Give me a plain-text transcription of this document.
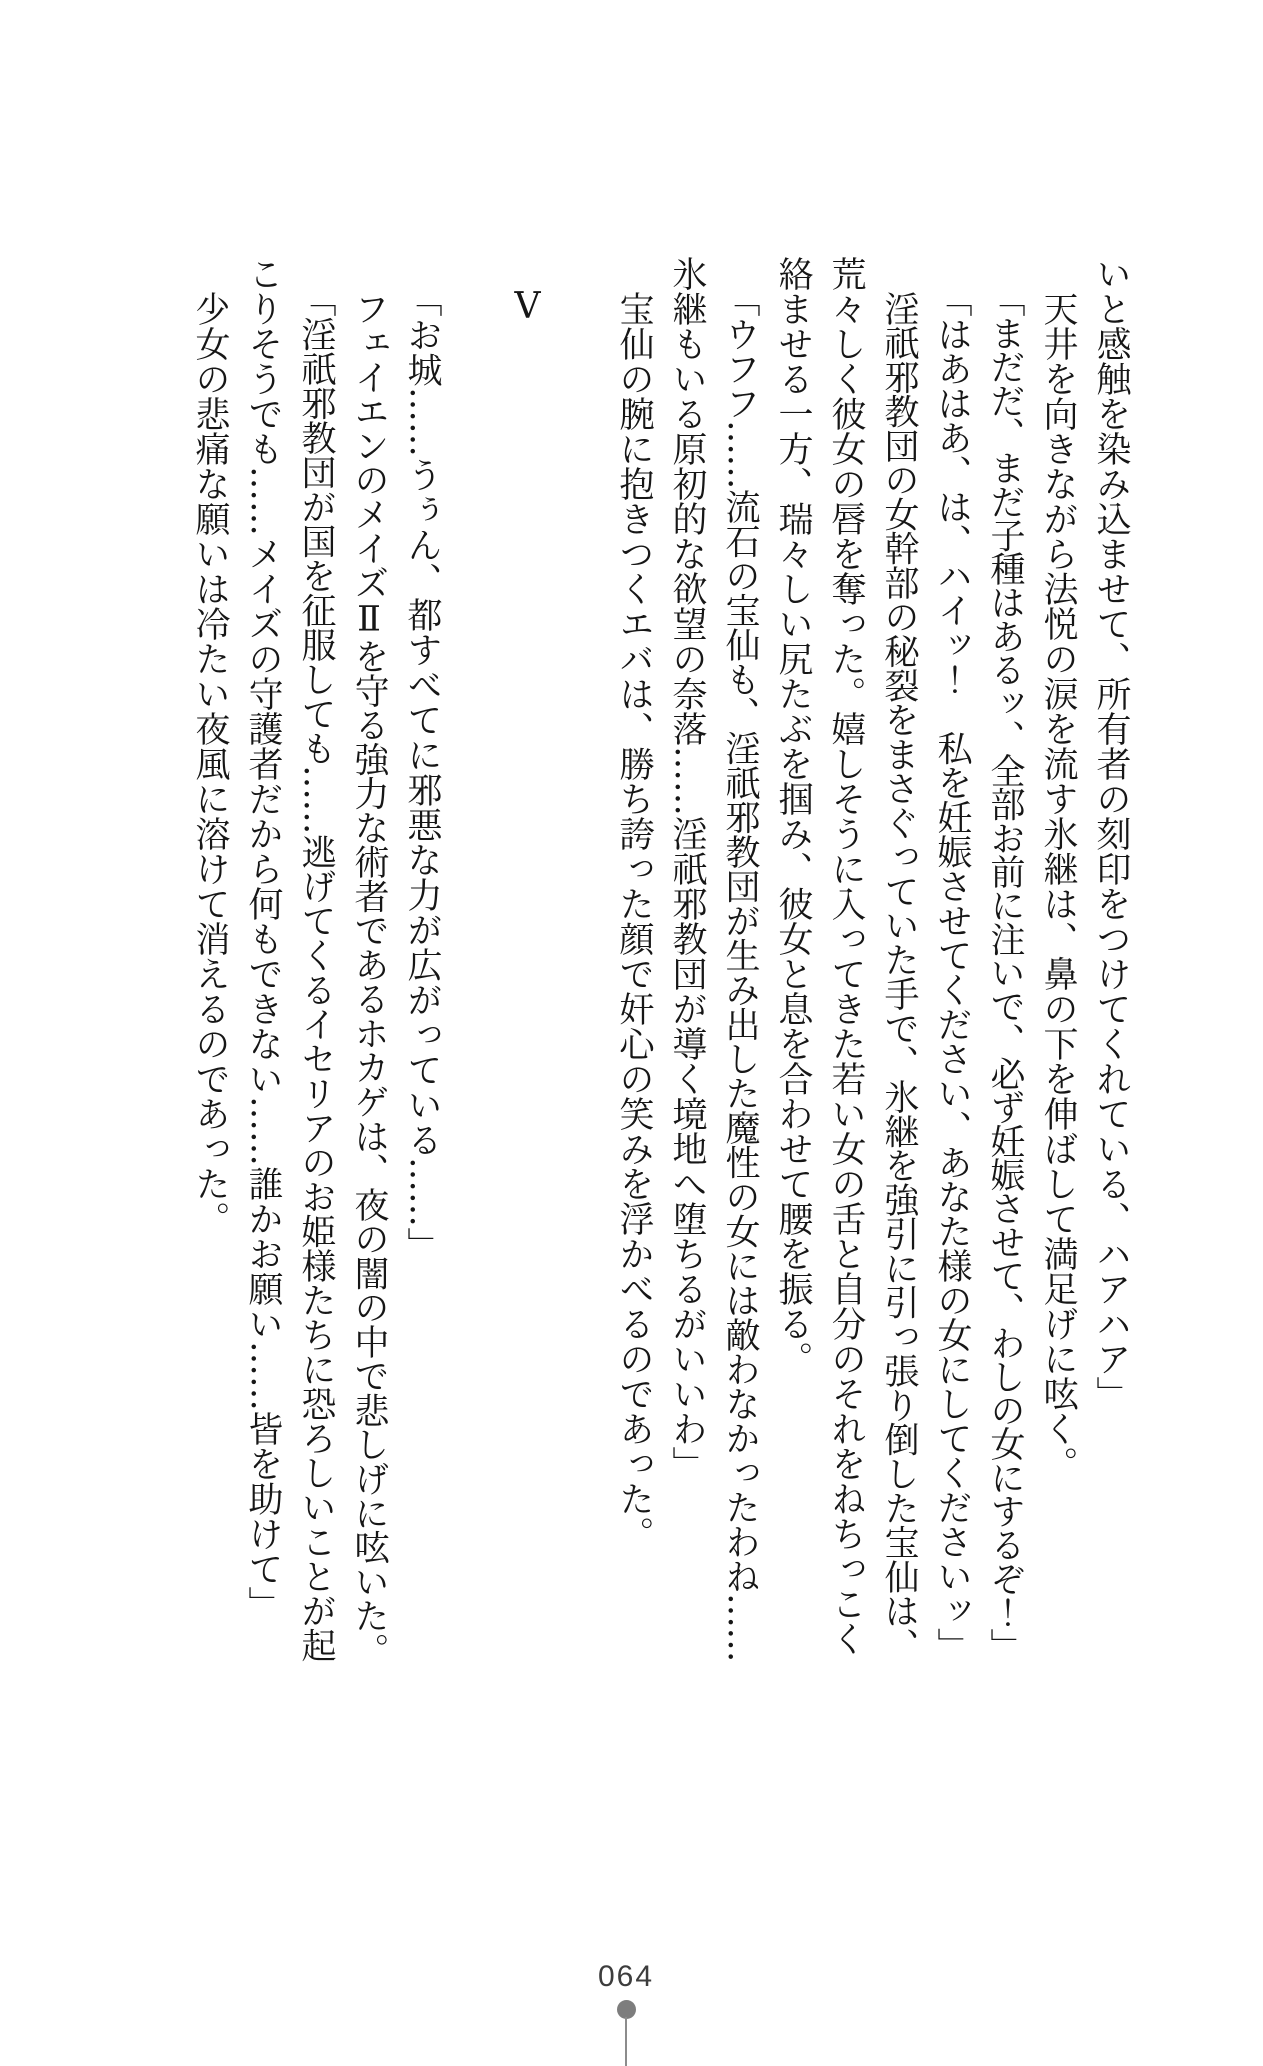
いと感触を染み込ませて、所有者の刻印をつけてくれている、ハアハア」
天井を向きながら法悦の涙を流す氷継は、鼻の下を伸ばして満足げに呟く。
「まだだ、まだ子種はあるッ、全部お前に注いで、必ず妊娠させて、わしの女にするぞ！」
「はあはあ、は、ハイッ！　私を妊娠させてください、あなた様の女にしてくださいッ」
淫祇邪教団の女幹部の秘裂をまさぐっていた手で、氷継を強引に引っ張り倒した宝仙は、
荒々しく彼女の唇を奪った。嬉しそうに入ってきた若い女の舌と自分のそれをねちっこく
絡ませる一方、瑞々しい尻たぶを掴み、彼女と息を合わせて腰を振る。
「ウフフ……流石の宝仙も、淫祇邪教団が生み出した魔性の女には敵わなかったわね……
氷継もいる原初的な欲望の奈落……淫祇邪教団が導く境地へ堕ちるがいいわ」
宝仙の腕に抱きつくエバは、勝ち誇った顔で奸心の笑みを浮かべるのであった。
V
「お城……うぅん、都すべてに邪悪な力が広がっている……」
フェイエンのメイズⅡを守る強力な術者であるホカゲは、夜の闇の中で悲しげに呟いた。
「淫祇邪教団が国を征服しても……逃げてくるイセリアのお姫様たちに恐ろしいことが起
こりそうでも……メイズの守護者だから何もできない……誰かお願い……皆を助けて」
少女の悲痛な願いは冷たい夜風に溶けて消えるのであった。
064
